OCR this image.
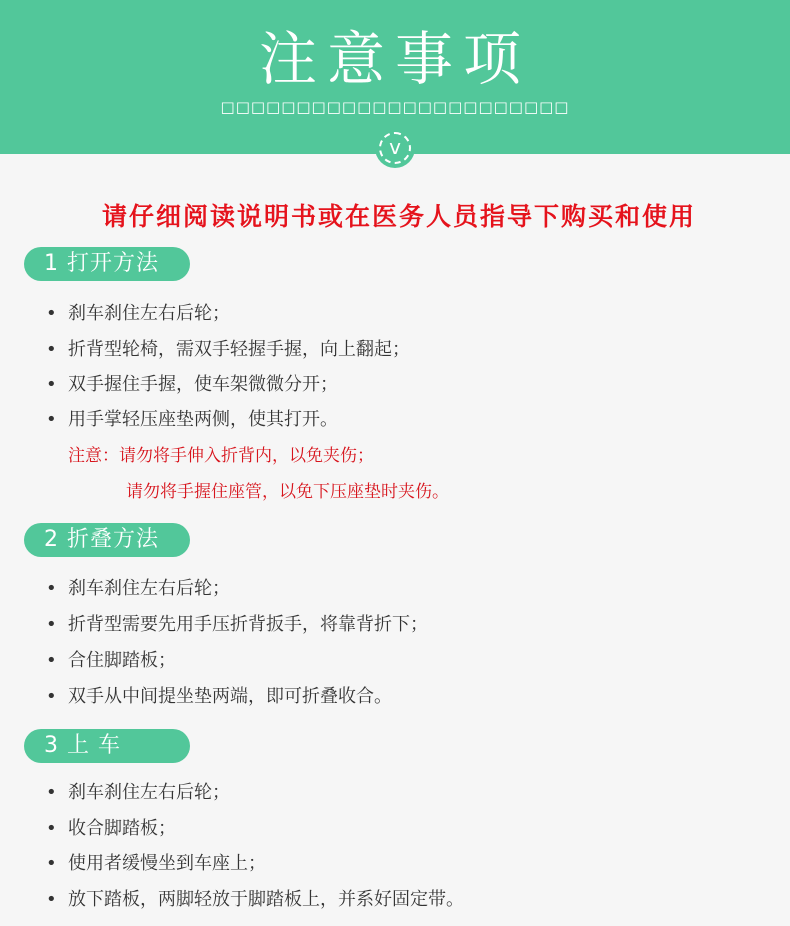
注意事项
□□□□□□□□□□□□□□□□□□□□□□□
v
请仔细阅读说明书或在医务人员指导下购买和使用
1 打开方法
• 刹车刹住左右后轮；
• 折背型轮椅，需双手轻握手握，向上翻起；
• 双手握住手握，使车架微微分开；
• 用手掌轻压座垫两侧，使其打开。
注意：请勿将手伸入折背内，以免夹伤；
请勿将手握住座管，以免下压座垫时夹伤。
2 折叠方法
• 刹车刹住左右后轮；
• 折背型需要先用手压折背扳手，将靠背折下；
• 合住脚踏板；
• 双手从中间提坐垫两端，即可折叠收合。
3 上 车
• 刹车刹住左右后轮；
• 收合脚踏板；
• 使用者缓慢坐到车座上；
• 放下踏板，两脚轻放于脚踏板上，并系好固定带。
